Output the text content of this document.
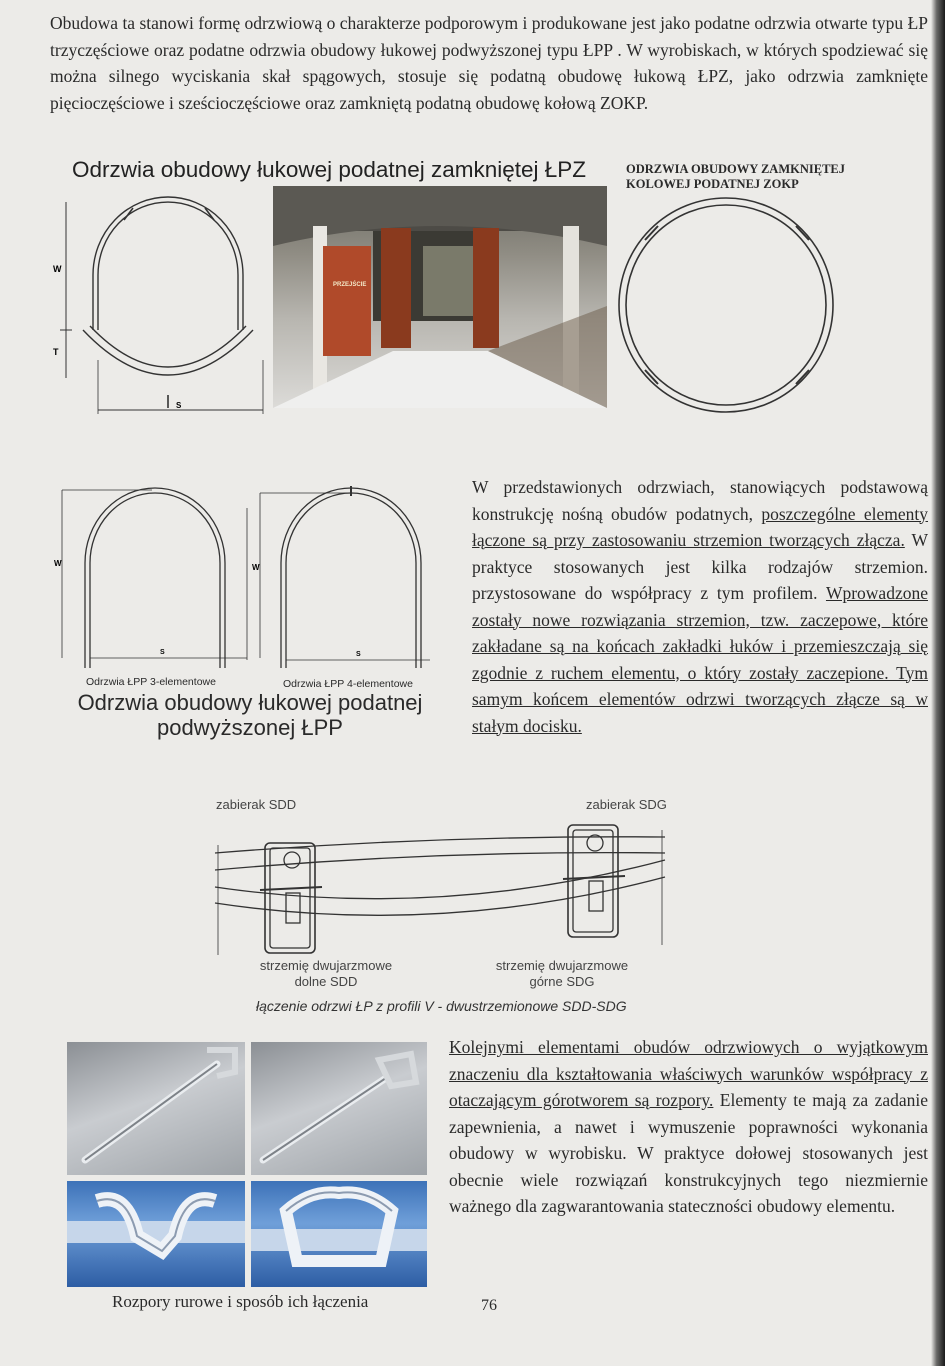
Obudowa ta stanowi formę odrzwiową o charakterze podporowym i produkowane jest jako podatne odrzwia otwarte typu ŁP trzyczęściowe oraz podatne odrzwia obudowy łukowej podwyższonej typu ŁPP . W wyrobiskach, w których spodziewać się można silnego wyciskania skał spągowych, stosuje się podatną obudowę łukową ŁPZ, jako odrzwia zamknięte pięcioczęściowe i sześcioczęściowe oraz zamkniętą podatną obudowę kołową ZOKP.

Odrzwia obudowy łukowej podatnej zamkniętej ŁPZ	ODRZWIA OBUDOWY ZAMKNIĘTEJ
KOLOWEJ PODATNEJ ZOKP
W
T
S
PRZEJŚCIE
W
S
W
S
Odrzwia ŁPP 3-elementowe	Odrzwia ŁPP 4-elementowe
Odrzwia obudowy łukowej podatnej
podwyższonej ŁPP

W przedstawionych odrzwiach, stanowiących podstawową konstrukcję nośną obudów podatnych, poszczególne elementy łączone są przy zastosowaniu strzemion tworzących złącza. W praktyce stosowanych jest kilka rodzajów strzemion. przystosowane do współpracy z tym profilem. Wprowadzone zostały nowe rozwiązania strzemion, tzw. zaczepowe, które zakładane są na końcach zakładki łuków i przemieszczają się zgodnie z ruchem elementu, o który zostały zaczepione. Tym samym końcem elementów odrzwi tworzących złącze są w stałym docisku.

zabierak SDD	zabierak SDG
strzemię dwujarzmowe
dolne SDD
strzemię dwujarzmowe
górne SDG
łączenie odrzwi ŁP z profili V - dwustrzemionowe SDD-SDG
Rozpory rurowe i sposób ich łączenia

Kolejnymi elementami obudów odrzwiowych o wyjątkowym znaczeniu dla kształtowania właściwych warunków współpracy z otaczającym górotworem są rozpory. Elementy te mają za zadanie zapewnienia, a nawet i wymuszenie poprawności wykonania obudowy w wyrobisku. W praktyce dołowej stosowanych jest obecnie wiele rozwiązań konstrukcyjnych tego niezmiernie ważnego dla zagwarantowania stateczności obudowy elementu.

76
